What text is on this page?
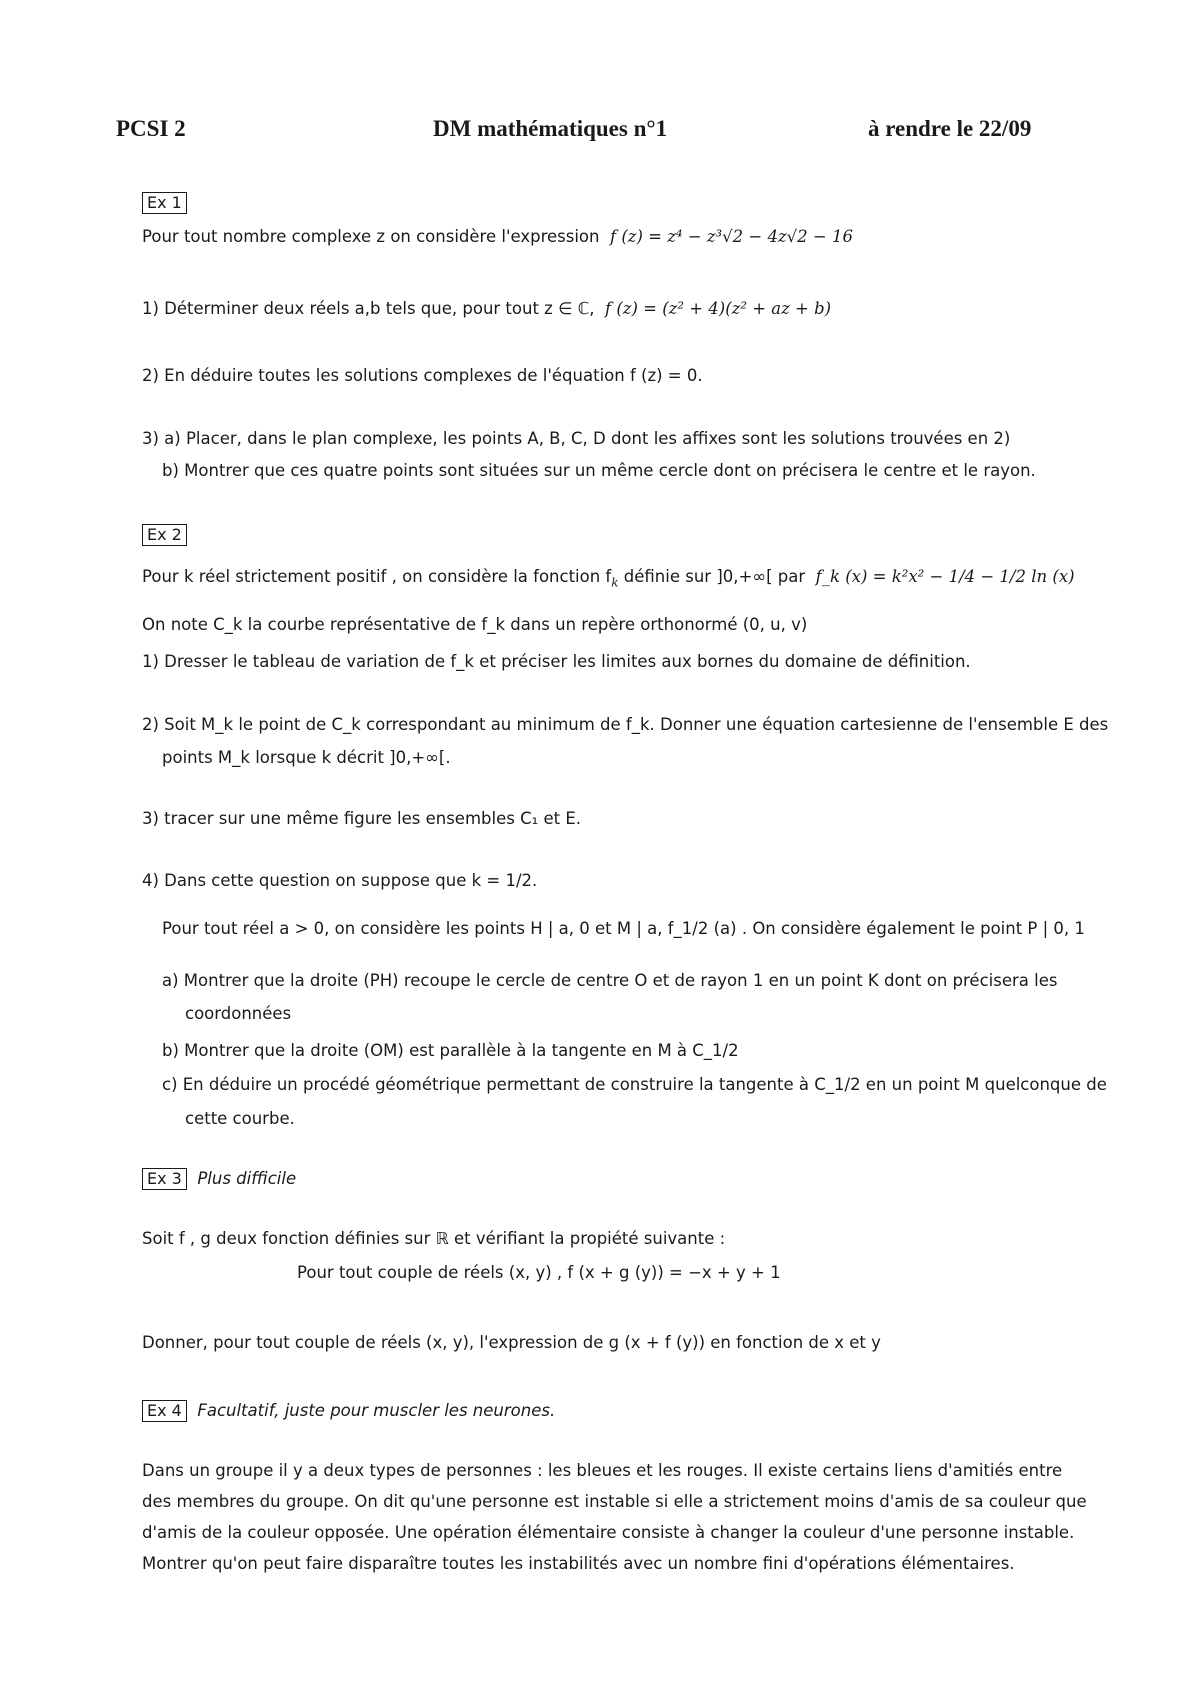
PCSI 2	DM mathématiques n°1	à rendre le 22/09
Ex 1
Pour tout nombre complexe z on considère l'expression f (z) = z⁴ − z³√2 − 4z√2 − 16
1) Déterminer deux réels a,b tels que, pour tout z ∈ ℂ, f (z) = (z² + 4)(z² + az + b)
2) En déduire toutes les solutions complexes de l'équation f (z) = 0.
3) a) Placer, dans le plan complexe, les points A, B, C, D dont les affixes sont les solutions trouvées en 2)
b) Montrer que ces quatre points sont situées sur un même cercle dont on précisera le centre et le rayon.
Ex 2
Pour k réel strictement positif , on considère la fonction $f_k$ définie sur ]0,+∞[ par f_k (x) = k²x² − 1/4 − 1/2 ln (x)
On note C_k la courbe représentative de f_k dans un repère orthonormé (0, u, v)
1) Dresser le tableau de variation de f_k et préciser les limites aux bornes du domaine de définition.
2) Soit M_k le point de C_k correspondant au minimum de f_k. Donner une équation cartesienne de l'ensemble E des
points M_k lorsque k décrit ]0,+∞[.
3) tracer sur une même figure les ensembles C₁ et E.
4) Dans cette question on suppose que k = 1/2.
Pour tout réel a > 0, on considère les points H | a, 0 et M | a, f_1/2 (a) . On considère également le point P | 0, 1
a) Montrer que la droite (PH) recoupe le cercle de centre O et de rayon 1 en un point K dont on précisera les
coordonnées
b) Montrer que la droite (OM) est parallèle à la tangente en M à C_1/2
c) En déduire un procédé géométrique permettant de construire la tangente à C_1/2 en un point M quelconque de
cette courbe.
Ex 3 Plus difficile
Soit f , g deux fonction définies sur ℝ et vérifiant la propiété suivante :
Pour tout couple de réels (x, y) , f (x + g (y)) = −x + y + 1
Donner, pour tout couple de réels (x, y), l'expression de g (x + f (y)) en fonction de x et y
Ex 4 Facultatif, juste pour muscler les neurones.
Dans un groupe il y a deux types de personnes : les bleues et les rouges. Il existe certains liens d'amitiés entre
des membres du groupe. On dit qu'une personne est instable si elle a strictement moins d'amis de sa couleur que
d'amis de la couleur opposée. Une opération élémentaire consiste à changer la couleur d'une personne instable.
Montrer qu'on peut faire disparaître toutes les instabilités avec un nombre fini d'opérations élémentaires.
